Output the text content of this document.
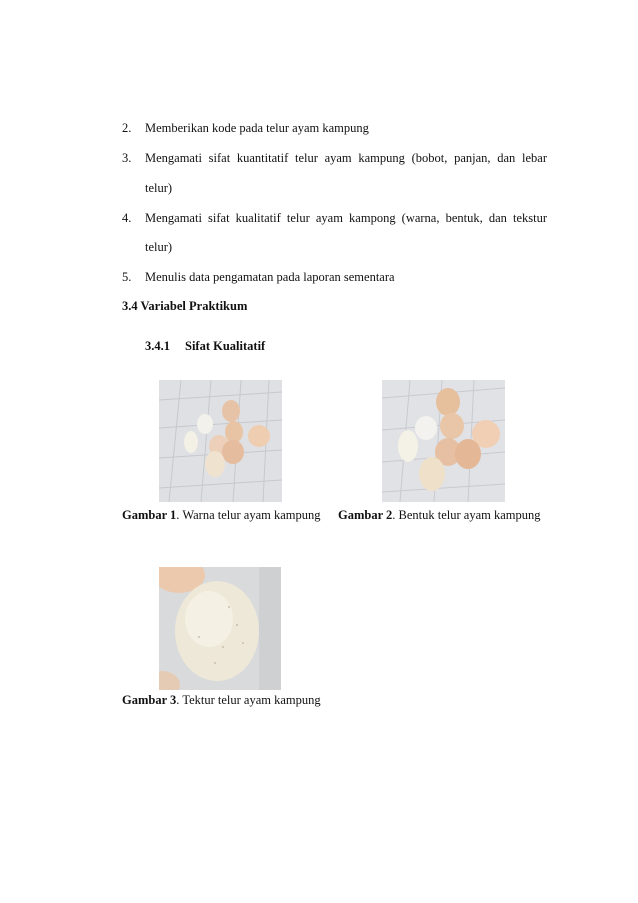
2. Memberikan kode pada telur ayam kampung
3. Mengamati sifat kuantitatif telur ayam kampung (bobot, panjan, dan lebar
telur)
4. Mengamati sifat kualitatif telur ayam kampong (warna, bentuk, dan tekstur
telur)
5. Menulis data pengamatan pada laporan sementara
3.4 Variabel Praktikum
3.4.1 Sifat Kualitatif
Gambar 1. Warna telur ayam kampung Gambar 2. Bentuk telur ayam kampung
Gambar 3. Tektur telur ayam kampung
